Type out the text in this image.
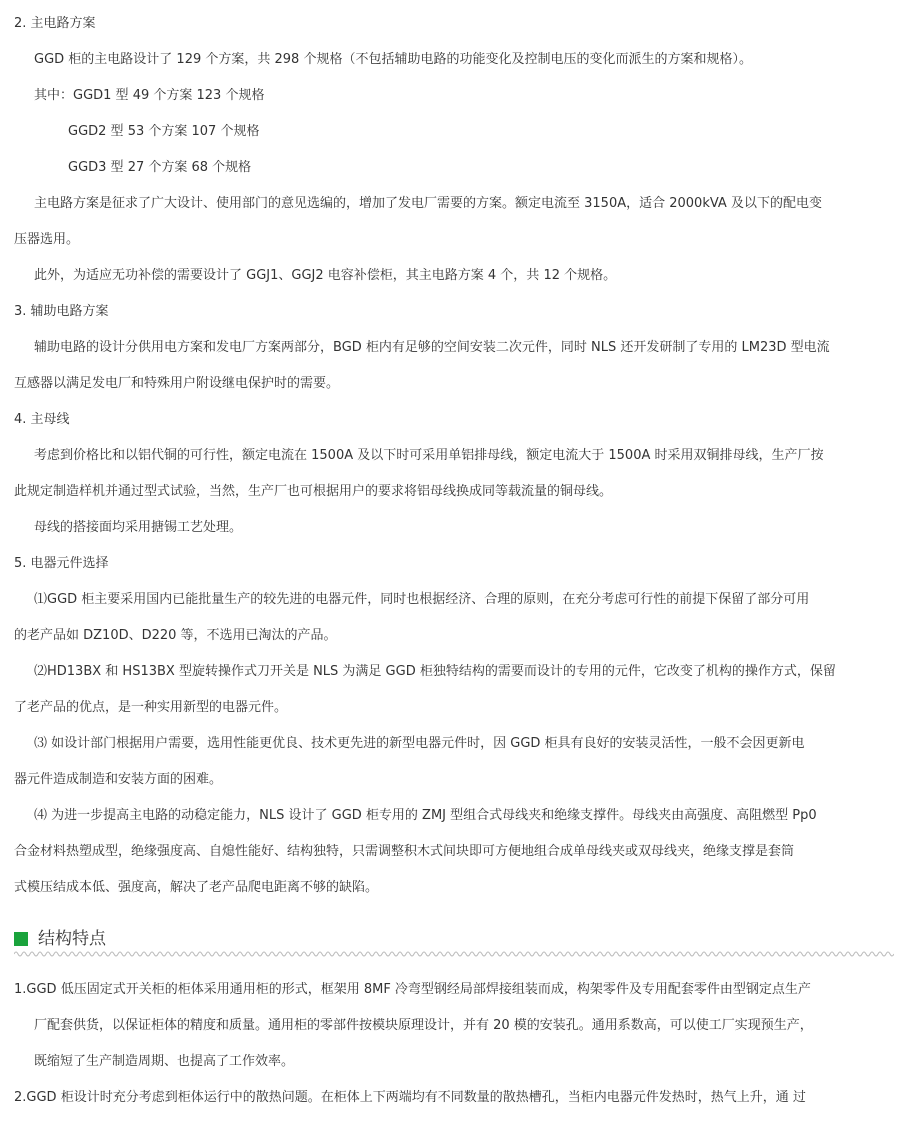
2. 主电路方案
GGD 柜的主电路设计了 129 个方案，共 298 个规格（不包括辅助电路的功能变化及控制电压的变化而派生的方案和规格）。
其中：GGD1 型 49 个方案 123 个规格
GGD2 型 53 个方案 107 个规格
GGD3 型 27 个方案 68 个规格
主电路方案是征求了广大设计、使用部门的意见选编的，增加了发电厂需要的方案。额定电流至 3150A，适合 2000kVA 及以下的配电变
压器选用。
此外，为适应无功补偿的需要设计了 GGJ1、GGJ2 电容补偿柜，其主电路方案 4 个，共 12 个规格。
3. 辅助电路方案
辅助电路的设计分供用电方案和发电厂方案两部分，BGD 柜内有足够的空间安装二次元件，同时 NLS 还开发研制了专用的 LM23D 型电流
互感器以满足发电厂和特殊用户附设继电保护时的需要。
4. 主母线
考虑到价格比和以铝代铜的可行性，额定电流在 1500A 及以下时可采用单铝排母线，额定电流大于 1500A 时采用双铜排母线，生产厂按
此规定制造样机并通过型式试验，当然，生产厂也可根据用户的要求将铝母线换成同等载流量的铜母线。
母线的搭接面均采用搪锡工艺处理。
5. 电器元件选择
⑴GGD 柜主要采用国内已能批量生产的较先进的电器元件，同时也根据经济、合理的原则，在充分考虑可行性的前提下保留了部分可用
的老产品如 DZ10D、D220 等，不选用已淘汰的产品。
⑵HD13BX 和 HS13BX 型旋转操作式刀开关是 NLS 为满足 GGD 柜独特结构的需要而设计的专用的元件，它改变了机构的操作方式，保留
了老产品的优点，是一种实用新型的电器元件。
⑶ 如设计部门根据用户需要，选用性能更优良、技术更先进的新型电器元件时，因 GGD 柜具有良好的安装灵活性，一般不会因更新电
器元件造成制造和安装方面的困难。
⑷ 为进一步提高主电路的动稳定能力，NLS 设计了 GGD 柜专用的 ZMJ 型组合式母线夹和绝缘支撑件。母线夹由高强度、高阻燃型 Pp0
合金材料热塑成型，绝缘强度高、自熄性能好、结构独特，只需调整积木式间块即可方便地组合成单母线夹或双母线夹，绝缘支撑是套筒
式模压结成本低、强度高，解决了老产品爬电距离不够的缺陷。
结构特点
1.GGD 低压固定式开关柜的柜体采用通用柜的形式，框架用 8MF 冷弯型钢经局部焊接组装而成，构架零件及专用配套零件由型钢定点生产
厂配套供货，以保证柜体的精度和质量。通用柜的零部件按模块原理设计，并有 20 模的安装孔。通用系数高，可以使工厂实现预生产，
既缩短了生产制造周期、也提高了工作效率。
2.GGD 柜设计时充分考虑到柜体运行中的散热问题。在柜体上下两端均有不同数量的散热槽孔，当柜内电器元件发热时，热气上升，通 过
